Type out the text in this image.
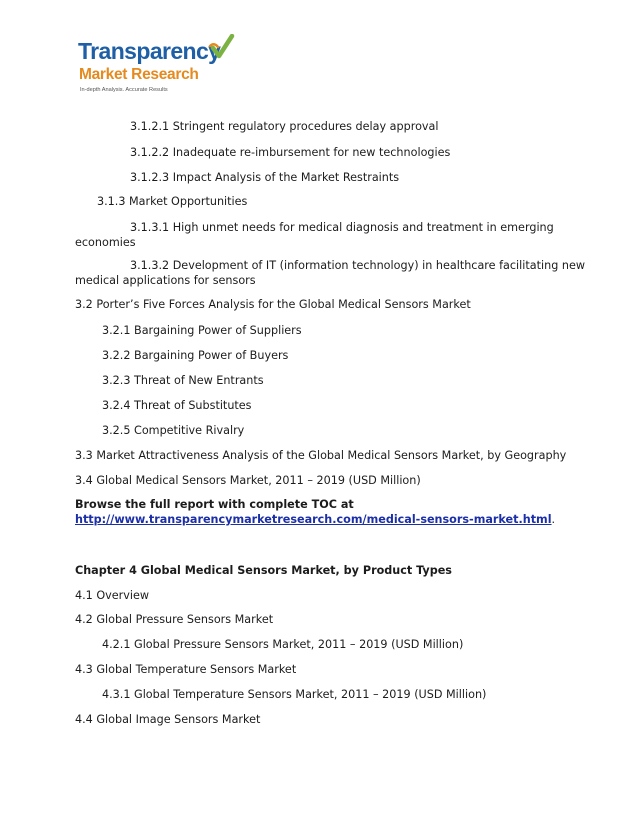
Transparency
Market Research
In-depth Analysis. Accurate Results
3.1.2.1 Stringent regulatory procedures delay approval
3.1.2.2 Inadequate re-imbursement for new technologies
3.1.2.3 Impact Analysis of the Market Restraints
3.1.3 Market Opportunities
3.1.3.1 High unmet needs for medical diagnosis and treatment in emerging
economies
3.1.3.2 Development of IT (information technology) in healthcare facilitating new
medical applications for sensors
3.2 Porter’s Five Forces Analysis for the Global Medical Sensors Market
3.2.1 Bargaining Power of Suppliers
3.2.2 Bargaining Power of Buyers
3.2.3 Threat of New Entrants
3.2.4 Threat of Substitutes
3.2.5 Competitive Rivalry
3.3 Market Attractiveness Analysis of the Global Medical Sensors Market, by Geography
3.4 Global Medical Sensors Market, 2011 – 2019 (USD Million)
Browse the full report with complete TOC at
http://www.transparencymarketresearch.com/medical-sensors-market.html.
Chapter 4 Global Medical Sensors Market, by Product Types
4.1 Overview
4.2 Global Pressure Sensors Market
4.2.1 Global Pressure Sensors Market, 2011 – 2019 (USD Million)
4.3 Global Temperature Sensors Market
4.3.1 Global Temperature Sensors Market, 2011 – 2019 (USD Million)
4.4 Global Image Sensors Market
